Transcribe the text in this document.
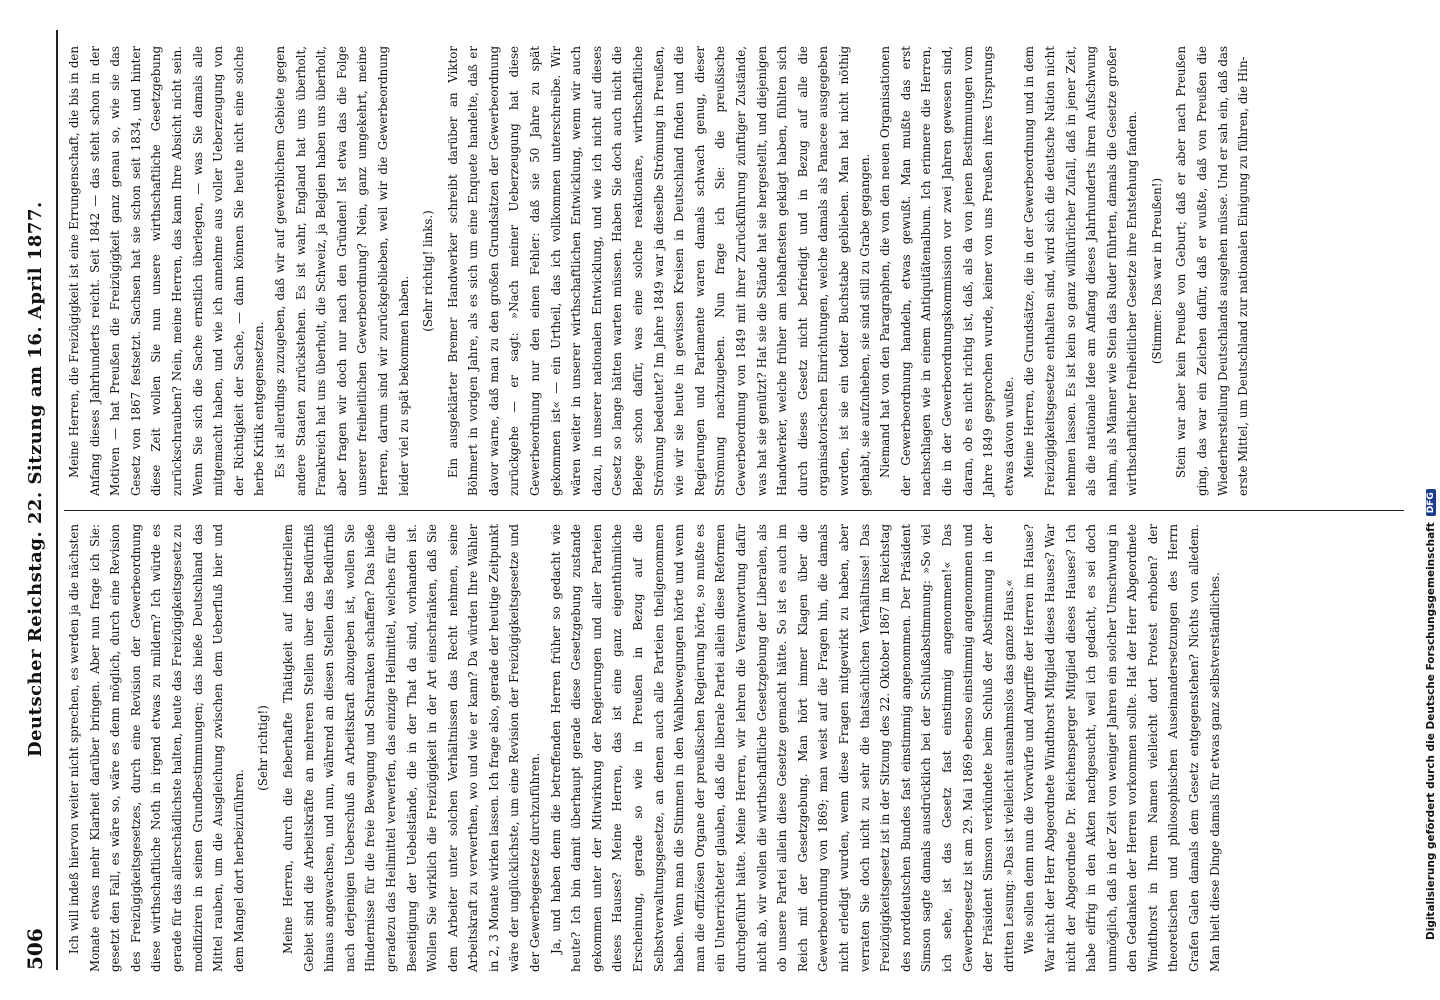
506
Deutscher Reichstag. 22. Sitzung am 16. April 1877. Ich will indeß hiervon weiter nicht sprechen, es werden ja die nächsten Monate etwas mehr Klarheit darüber bringen. Aber nun frage ich Sie: gesetzt den Fall, es wäre so, wäre es denn möglich, durch eine Revision des Freizügigkeitsgesetzes, durch eine Revision der Gewerbeordnung diese wirthschaftliche Noth in irgend etwas zu mildern? Ich würde es gerade für das allerschädlichste halten, heute das Freizügigkeitsgesetz zu modifiziren in seinen Grundbestimmungen; das hieße Deutschland das Mittel rauben, um die Ausgleichung zwischen dem Ueberfluß hier und dem Mangel dort herbeizuführen.

(Sehr richtig!) Meine Herren, durch die fieberhafte Thätigkeit auf industriellem Gebiet sind die Arbeitskräfte an mehreren Stellen über das Bedürfniß hinaus angewachsen, und nun, während an diesen Stellen das Bedürfniß nach derjenigen Ueberschuß an Arbeitskraft abzugeben ist, wollen Sie Hindernisse für die freie Bewegung und Schranken schaffen? Das hieße geradezu das Heilmittel verwerfen, das einzige Heilmittel, welches für die Beseitigung der Uebelstände, die in der That da sind, vorhanden ist. Wollen Sie wirklich die Freizügigkeit in der Art einschränken, daß Sie dem Arbeiter unter solchen Verhältnissen das Recht nehmen, seine Arbeitskraft zu verwerthen, wo und wie er kann? Da würden Ihre Wähler in 2, 3 Monate wirken lassen. Ich frage also, gerade der heutige Zeitpunkt wäre der unglücklichste, um eine Revision der Freizügigkeitsgesetze und der Gewerbegesetze durchzuführen. Ja, und haben denn die betreffenden Herren früher so gedacht wie heute? Ich bin damit überhaupt gerade diese Gesetzgebung zustande gekommen unter der Mitwirkung der Regierungen und aller Parteien dieses Hauses? Meine Herren, das ist eine ganz eigenthümliche Erscheinung, gerade so wie in Preußen in Bezug auf die Selbstverwaltungsgesetze, an denen auch alle Parteien theilgenommen haben. Wenn man die Stimmen in den Wahlbewegungen hörte und wenn man die offiziösen Organe der preußischen Regierung hörte, so mußte es ein Unterrichteter glauben, daß die liberale Partei allein diese Reformen durchgeführt hätte. Meine Herren, wir lehren die Verantwortung dafür nicht ab, wir wollen die wirthschaftliche Gesetzgebung der Liberalen, als ob unsere Partei allein diese Gesetze gemacht hätte. So ist es auch im Reich mit der Gesetzgebung. Man hört immer Klagen über die Gewerbeordnung von 1869; man weist auf die Fragen hin, die damals nicht erledigt wurden, wenn diese Fragen mitgewirkt zu haben, aber verraten Sie doch nicht zu sehr die thatsächlichen Verhältnisse! Das Freizügigkeitsgesetz ist in der Sitzung des 22. Oktober 1867 im Reichstag des norddeutschen Bundes fast einstimmig angenommen. Der Präsident Simson sagte damals ausdrücklich bei der Schlußabstimmung: »So viel ich sehe, ist das Gesetz fast einstimmig angenommen!« Das Gewerbegesetz ist am 29. Mai 1869 ebenso einstimmig angenommen und der Präsident Simson verkündete beim Schluß der Abstimmung in der dritten Lesung: »Das ist vielleicht ausnahmslos das ganze Haus.« Wie sollen denn nun die Vorwürfe und Angriffe der Herren im Hause? War nicht der Herr Abgeordnete Windthorst Mitglied dieses Hauses? War nicht der Abgeordnete Dr. Reichensperger Mitglied dieses Hauses? Ich habe eifrig in den Akten nachgesucht, weil ich gedacht, es sei doch unmöglich, daß in der Zeit von weniger Jahren ein solcher Umschwung in den Gedanken der Herren vorkommen sollte. Hat der Herr Abgeordnete Windthorst in Ihrem Namen vielleicht dort Protest erhoben? der theoretischen und philosophischen Auseinandersetzungen des Herrn Grafen Galen damals dem Gesetz entgegenstehen? Nichts von alledem. Man hielt diese Dinge damals für etwas ganz selbstverständliches.

Meine Herren, die Freizügigkeit ist eine Errungenschaft, die bis in den Anfang dieses Jahrhunderts reicht. Seit 1842 — das steht schon in der Motiven — hat Preußen die Freizügigkeit ganz genau so, wie sie das Gesetz von 1867 festsetzt. Sachsen hat sie schon seit 1834, und hinter diese Zeit wollen Sie nun unsere wirthschaftliche Gesetzgebung zurückschrauben? Nein, meine Herren, das kann Ihre Absicht nicht sein. Wenn Sie sich die Sache ernstlich überlegen, — was Sie damals alle mitgemacht haben, und wie ich annehme aus voller Ueberzeugung von der Richtigkeit der Sache, — dann können Sie heute nicht eine solche herbe Kritik entgegensetzen. Es ist allerdings zuzugeben, daß wir auf gewerblichem Gebiete gegen andere Staaten zurückstehen. Es ist wahr, England hat uns überholt, Frankreich hat uns überholt, die Schweiz, ja Belgien haben uns überholt, aber fragen wir doch nur nach den Gründen! Ist etwa das die Folge unserer freiheitlichen Gewerbeordnung? Nein, ganz umgekehrt, meine Herren, darum sind wir zurückgeblieben, weil wir die Gewerbeordnung leider viel zu spät bekommen haben.

(Sehr richtig! links.) Ein ausgeklärter Bremer Handwerker schreibt darüber an Viktor Böhmert in vorigen Jahre, als es sich um eine Enquete handelte, daß er davor warne, daß man zu den großen Grundsätzen der Gewerbeordnung zurückgehe — er sagt: »Nach meiner Ueberzeugung hat diese Gewerbeordnung nur den einen Fehler: daß sie 50 Jahre zu spät gekommen ist« — ein Urtheil, das ich vollkommen unterschreibe. Wir wären weiter in unserer wirthschaftlichen Entwicklung, wenn wir auch dazu, in unserer nationalen Entwicklung, und wie ich nicht auf dieses Gesetz so lange hätten warten müssen. Haben Sie doch auch nicht die Belege schon dafür, was eine solche reaktionäre, wirthschaftliche Strömung bedeutet? Im Jahre 1849 war ja dieselbe Strömung in Preußen, wie wir sie heute in gewissen Kreisen in Deutschland finden und die Regierungen und Parlamente waren damals schwach genug, dieser Strömung nachzugeben. Nun frage ich Sie: die preußische Gewerbeordnung von 1849 mit ihrer Zurückführung zünftiger Zustände, was hat sie genützt? Hat sie die Stände hat sie hergestellt, und diejenigen Handwerker, welche früher am lebhaftesten geklagt haben, fühlten sich durch dieses Gesetz nicht befriedigt und in Bezug auf alle die organisatorischen Einrichtungen, welche damals als Panacee ausgegeben worden, ist sie ein todter Buchstabe geblieben. Man hat nicht nöthig gehabt, sie aufzuheben, sie sind still zu Grabe gegangen. Niemand hat von den Paragraphen, die von den neuen Organisationen der Gewerbeordnung handeln, etwas gewußt. Man mußte das erst nachschlagen wie in einem Antiquitätenalbum. Ich erinnere die Herren, die in der Gewerbeordnungskommission vor zwei Jahren gewesen sind, daran, ob es nicht richtig ist, daß, als da von jenen Bestimmungen vom Jahre 1849 gesprochen wurde, keiner von uns Preußen ihres Ursprungs etwas davon wußte. Meine Herren, die Grundsätze, die in der Gewerbeordnung und in dem Freizügigkeitsgesetze enthalten sind, wird sich die deutsche Nation nicht nehmen lassen. Es ist kein so ganz willkürlicher Zufall, daß in jener Zeit, als die nationale Idee am Anfang dieses Jahrhunderts ihren Aufschwung nahm, als Männer wie Stein das Ruder führten, damals die Gesetze großer wirthschaftlicher freiheitlicher Gesetze ihre Entstehung fanden. (Stimme: Das war in Preußen!) Stein war aber kein Preuße von Geburt; daß er aber nach Preußen ging, das war ein Zeichen dafür, daß er wußte, daß von Preußen die Wiederherstellung Deutschlands ausgehen müsse. Und er sah ein, daß das erste Mittel, um Deutschland zur nationalen Einigung zu führen, die Hin-

Digitalisierung gefördert durch die Deutsche Forschungsgemeinschaft
DFG
